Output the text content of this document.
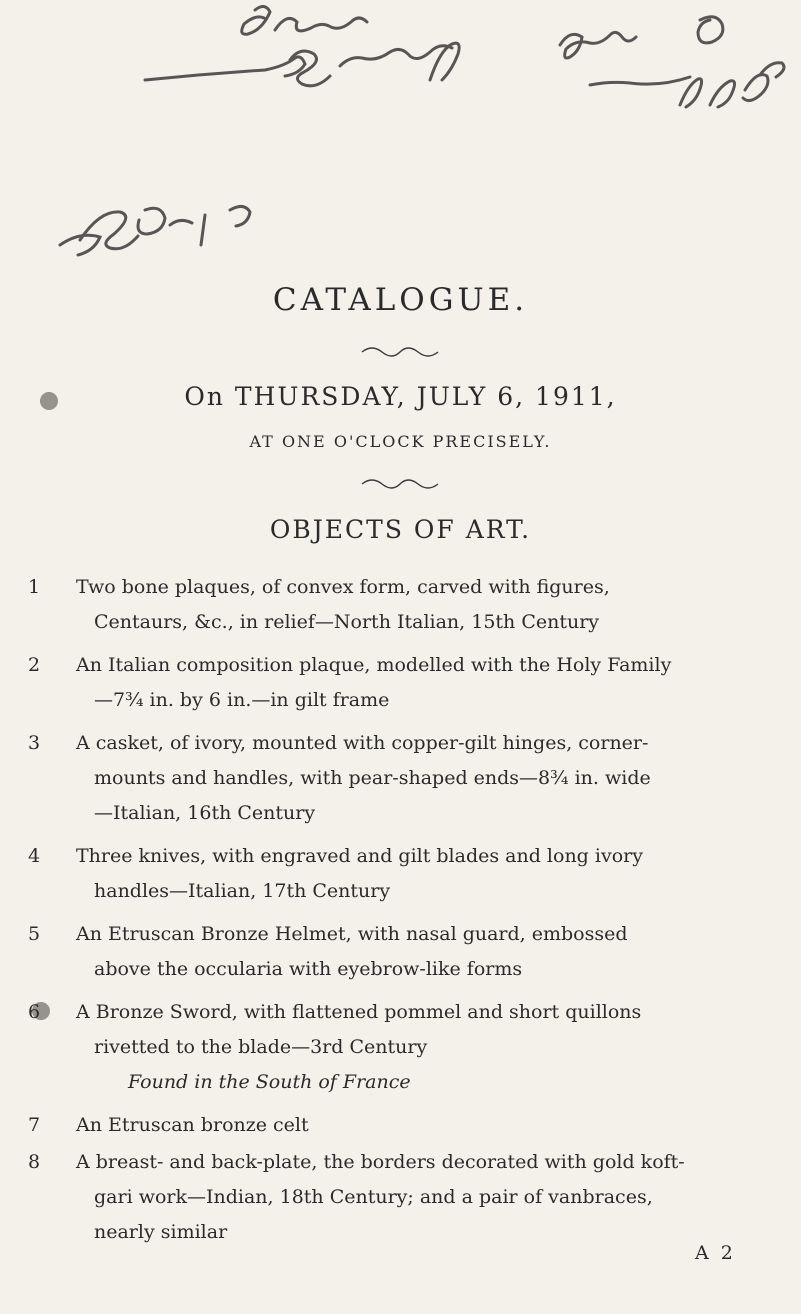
CATALOGUE.
On THURSDAY, JULY 6, 1911,
AT ONE O'CLOCK PRECISELY.
OBJECTS OF ART.
1	Two bone plaques, of convex form, carved with figures,
Centaurs, &c., in relief—North Italian, 15th Century
2	An Italian composition plaque, modelled with the Holy Family
—7¾ in. by 6 in.—in gilt frame
3	A casket, of ivory, mounted with copper-gilt hinges, corner-
mounts and handles, with pear-shaped ends—8¾ in. wide
—Italian, 16th Century
4	Three knives, with engraved and gilt blades and long ivory
handles—Italian, 17th Century
5	An Etruscan Bronze Helmet, with nasal guard, embossed
above the occularia with eyebrow-like forms
6	A Bronze Sword, with flattened pommel and short quillons
rivetted to the blade—3rd Century
Found in the South of France
7	An Etruscan bronze celt
8	A breast- and back-plate, the borders decorated with gold koft-
gari work—Indian, 18th Century; and a pair of vanbraces,
nearly similar
A 2
